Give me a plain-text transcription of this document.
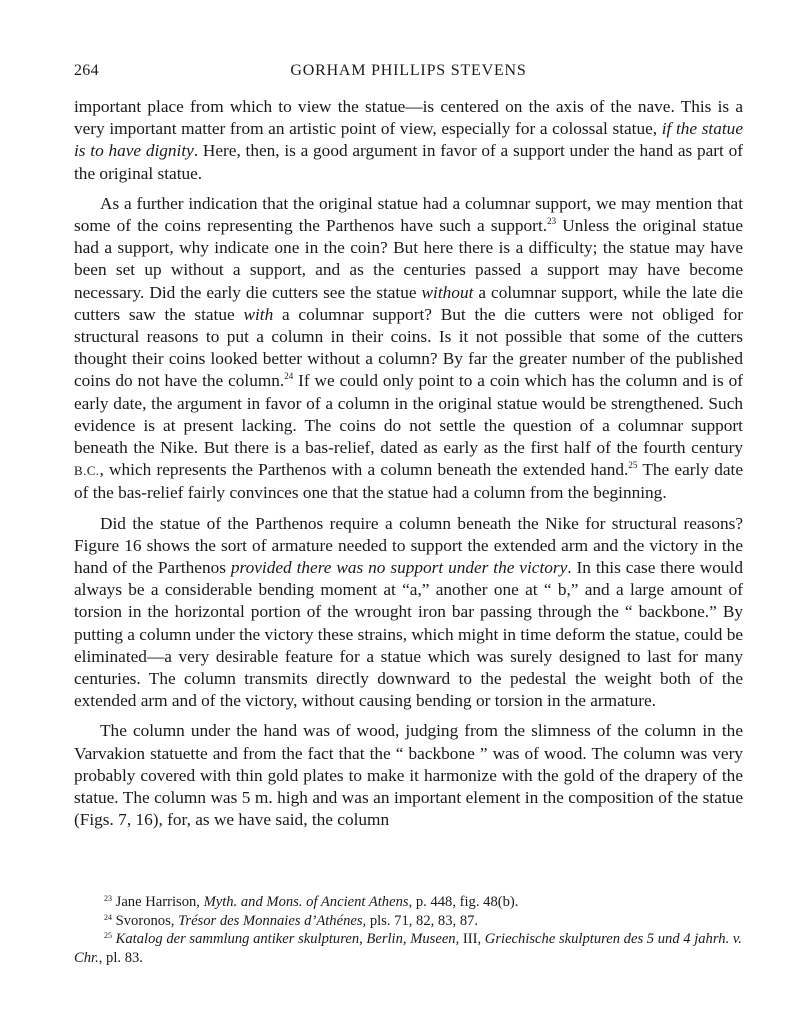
264	GORHAM PHILLIPS STEVENS

important place from which to view the statue—is centered on the axis of the nave. This is a very important matter from an artistic point of view, especially for a colossal statue, if the statue is to have dignity. Here, then, is a good argument in favor of a support under the hand as part of the original statue.

As a further indication that the original statue had a columnar support, we may mention that some of the coins representing the Parthenos have such a support.$^{23}$ Unless the original statue had a support, why indicate one in the coin? But here there is a difficulty; the statue may have been set up without a support, and as the centuries passed a support may have become necessary. Did the early die cutters see the statue without a columnar support, while the late die cutters saw the statue with a columnar support? But the die cutters were not obliged for structural reasons to put a column in their coins. Is it not possible that some of the cutters thought their coins looked better without a column? By far the greater number of the published coins do not have the column.$^{24}$ If we could only point to a coin which has the column and is of early date, the argument in favor of a column in the original statue would be strengthened. Such evidence is at present lacking. The coins do not settle the question of a columnar support beneath the Nike. But there is a bas-relief, dated as early as the first half of the fourth century B.C., which represents the Parthenos with a column beneath the extended hand.$^{25}$ The early date of the bas-relief fairly convinces one that the statue had a column from the beginning.

Did the statue of the Parthenos require a column beneath the Nike for structural reasons? Figure 16 shows the sort of armature needed to support the extended arm and the victory in the hand of the Parthenos provided there was no support under the victory. In this case there would always be a considerable bending moment at “a,” another one at “ b,” and a large amount of torsion in the horizontal portion of the wrought iron bar passing through the “ backbone.” By putting a column under the victory these strains, which might in time deform the statue, could be eliminated—a very desirable feature for a statue which was surely designed to last for many centuries. The column transmits directly downward to the pedestal the weight both of the extended arm and of the victory, without causing bending or torsion in the armature.

The column under the hand was of wood, judging from the slimness of the column in the Varvakion statuette and from the fact that the “ backbone ” was of wood. The column was very probably covered with thin gold plates to make it harmonize with the gold of the drapery of the statue. The column was 5 m. high and was an important element in the composition of the statue (Figs. 7, 16), for, as we have said, the column

$^{23}$ Jane Harrison, Myth. and Mons. of Ancient Athens, p. 448, fig. 48(b).

$^{24}$ Svoronos, Trésor des Monnaies d’Athénes, pls. 71, 82, 83, 87.

$^{25}$ Katalog der sammlung antiker skulpturen, Berlin, Museen, III, Griechische skulpturen des 5 und 4 jahrh. v. Chr., pl. 83.
